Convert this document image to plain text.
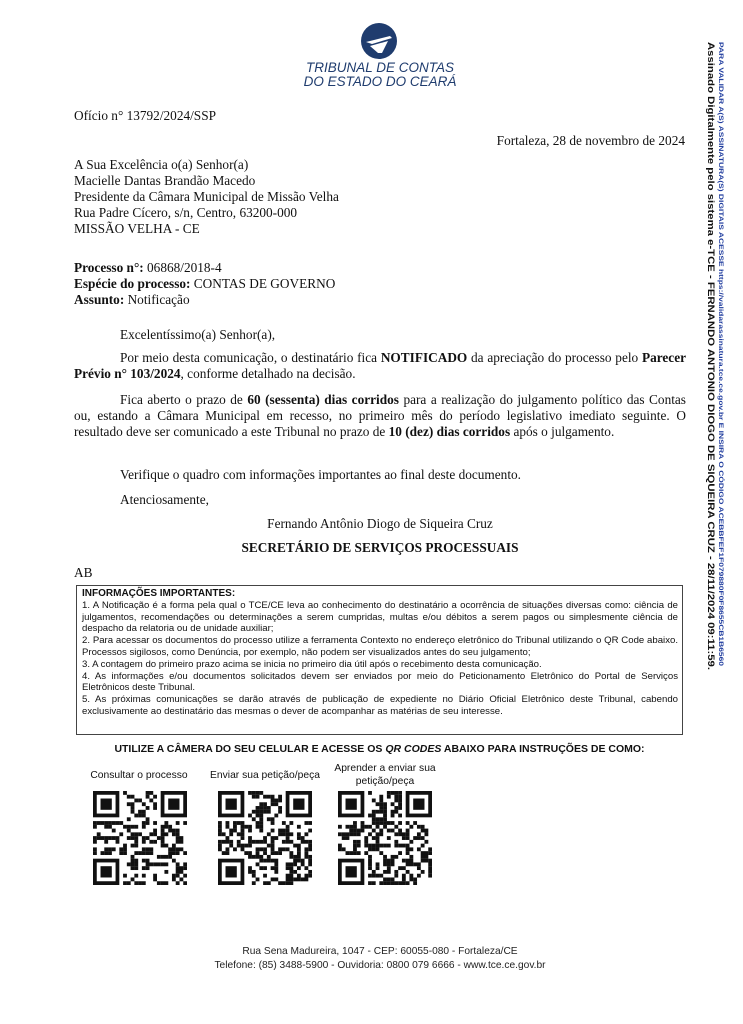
TRIBUNAL DE CONTAS
DO ESTADO DO CEARÁ
Ofício n° 13792/2024/SSP
Fortaleza, 28 de novembro de 2024
A Sua Excelência o(a) Senhor(a)
Macielle Dantas Brandão Macedo
Presidente da Câmara Municipal de Missão Velha
Rua Padre Cícero, s/n, Centro, 63200-000
MISSÃO VELHA - CE
Processo n°: 06868/2018-4
Espécie do processo: CONTAS DE GOVERNO
Assunto: Notificação
Excelentíssimo(a) Senhor(a),
Por meio desta comunicação, o destinatário fica NOTIFICADO da apreciação do processo pelo Parecer Prévio n° 103/2024, conforme detalhado na decisão.
Fica aberto o prazo de 60 (sessenta) dias corridos para a realização do julgamento político das Contas ou, estando a Câmara Municipal em recesso, no primeiro mês do período legislativo imediato seguinte. O resultado deve ser comunicado a este Tribunal no prazo de 10 (dez) dias corridos após o julgamento.
Verifique o quadro com informações importantes ao final deste documento.
Atenciosamente,
Fernando Antônio Diogo de Siqueira Cruz
SECRETÁRIO DE SERVIÇOS PROCESSUAIS
AB
INFORMAÇÕES IMPORTANTES:

1. A Notificação é a forma pela qual o TCE/CE leva ao conhecimento do destinatário a ocorrência de situações diversas como: ciência de julgamentos, recomendações ou determinações a serem cumpridas, multas e/ou débitos a serem pagos ou simplesmente ciência de despacho da relatoria ou de unidade auxiliar;

2. Para acessar os documentos do processo utilize a ferramenta Contexto no endereço eletrônico do Tribunal utilizando o QR Code abaixo. Processos sigilosos, como Denúncia, por exemplo, não podem ser visualizados antes do seu julgamento;

3. A contagem do primeiro prazo acima se inicia no primeiro dia útil após o recebimento desta comunicação.

4. As informações e/ou documentos solicitados devem ser enviados por meio do Peticionamento Eletrônico do Portal de Serviços Eletrônicos deste Tribunal.

5. As próximas comunicações se darão através de publicação de expediente no Diário Oficial Eletrônico deste Tribunal, cabendo exclusivamente ao destinatário das mesmas o dever de acompanhar as matérias de seu interesse.

UTILIZE A CÂMERA DO SEU CELULAR E ACESSE OS QR CODES ABAIXO PARA INSTRUÇÕES DE COMO:
Consultar o processo	Enviar sua petição/peça
Aprender a enviar sua petição/peça
Rua Sena Madureira, 1047 - CEP: 60055-080 - Fortaleza/CE
Telefone: (85) 3488-5900 - Ouvidoria: 0800 079 6666 - www.tce.ce.gov.br
Assinado Digitalmente pelo sistema e-TCE - FERNANDO ANTONIO DIOGO DE SIQUEIRA CRUZ - 28/11/2024 09:11:59. PARA VALIDAR A(S) ASSINATURA(S) DIGITAIS ACESSE https://validarassinatura.tce.ce.gov.br E INSIRA O CÓDIGO ACEBBFEF1F079880F0F8655CB1B6560
